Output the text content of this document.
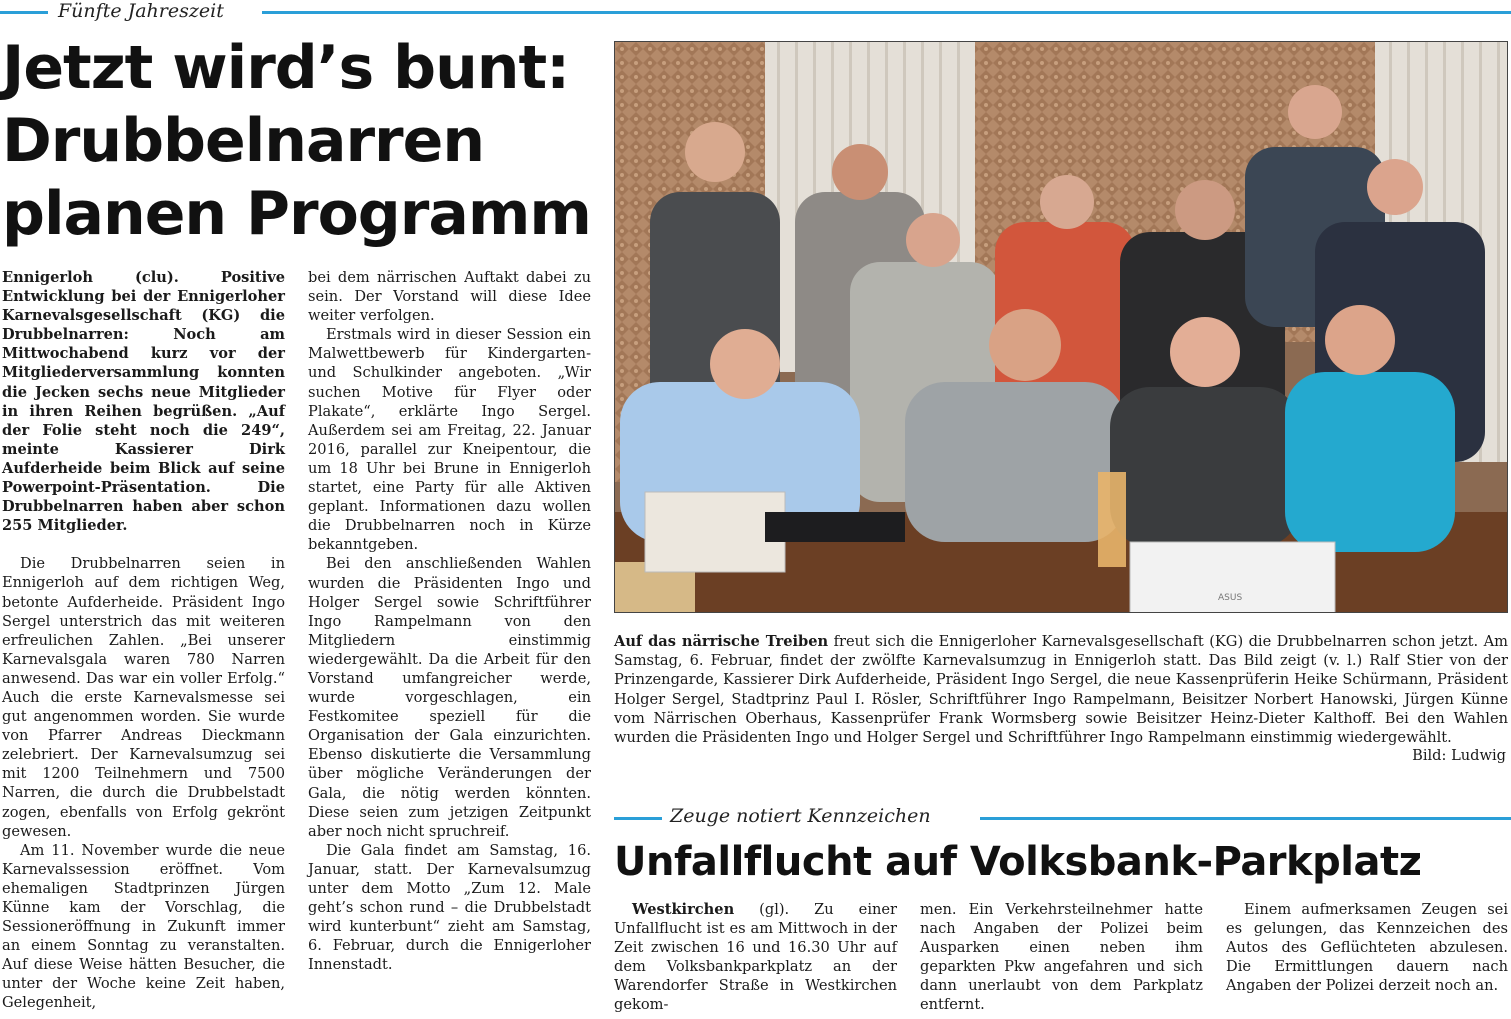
Fünfte Jahreszeit
Jetzt wird’s bunt:
Drubbelnarren
planen Programm

Ennigerloh (clu). Positive Entwicklung bei der Ennigerloher Karnevalsgesellschaft (KG) die Drubbelnarren: Noch am Mittwochabend kurz vor der Mitgliederversammlung konnten die Jecken sechs neue Mitglieder in ihren Reihen begrüßen. „Auf der Folie steht noch die 249“, meinte Kassierer Dirk Aufderheide beim Blick auf seine Powerpoint-Präsentation. Die Drubbelnarren haben aber schon 255 Mitglieder.

Die Drubbelnarren seien in Ennigerloh auf dem richtigen Weg, betonte Aufderheide. Präsident Ingo Sergel unterstrich das mit weiteren erfreulichen Zahlen. „Bei unserer Karnevalsgala waren 780 Narren anwesend. Das war ein voller Erfolg.“ Auch die erste Karnevalsmesse sei gut angenommen worden. Sie wurde von Pfarrer Andreas Dieckmann zelebriert. Der Karnevalsumzug sei mit 1200 Teilnehmern und 7500 Narren, die durch die Drubbelstadt zogen, ebenfalls von Erfolg gekrönt gewesen.

Am 11. November wurde die neue Karnevalssession eröffnet. Vom ehemaligen Stadtprinzen Jürgen Künne kam der Vorschlag, die Sessioneröffnung in Zukunft immer an einem Sonntag zu veranstalten. Auf diese Weise hätten Besucher, die unter der Woche keine Zeit haben, Gelegenheit,

bei dem närrischen Auftakt dabei zu sein. Der Vorstand will diese Idee weiter verfolgen.

Erstmals wird in dieser Session ein Malwettbewerb für Kindergarten- und Schulkinder angeboten. „Wir suchen Motive für Flyer oder Plakate“, erklärte Ingo Sergel. Außerdem sei am Freitag, 22. Januar 2016, parallel zur Kneipentour, die um 18 Uhr bei Brune in Ennigerloh startet, eine Party für alle Aktiven geplant. Informationen dazu wollen die Drubbelnarren noch in Kürze bekanntgeben.

Bei den anschließenden Wahlen wurden die Präsidenten Ingo und Holger Sergel sowie Schriftführer Ingo Rampelmann von den Mitgliedern einstimmig wiedergewählt. Da die Arbeit für den Vorstand umfangreicher werde, wurde vorgeschlagen, ein Festkomitee speziell für die Organisation der Gala einzurichten. Ebenso diskutierte die Versammlung über mögliche Veränderungen der Gala, die nötig werden könnten. Diese seien zum jetzigen Zeitpunkt aber noch nicht spruchreif.

Die Gala findet am Samstag, 16. Januar, statt. Der Karnevalsumzug unter dem Motto „Zum 12. Male geht’s schon rund – die Drubbelstadt wird kunterbunt“ zieht am Samstag, 6. Februar, durch die Ennigerloher Innenstadt.

ASUS
Auf das närrische Treiben freut sich die Ennigerloher Karnevalsgesellschaft (KG) die Drubbelnarren schon jetzt. Am Samstag, 6. Februar, findet der zwölfte Karnevalsumzug in Ennigerloh statt. Das Bild zeigt (v. l.) Ralf Stier von der Prinzengarde, Kassierer Dirk Aufderheide, Präsident Ingo Sergel, die neue Kassenprüferin Heike Schürmann, Präsident Holger Sergel, Stadtprinz Paul I. Rösler, Schriftführer Ingo Rampelmann, Beisitzer Norbert Hanowski, Jürgen Künne vom Närrischen Oberhaus, Kassenprüfer Frank Wormsberg sowie Beisitzer Heinz-Dieter Kalthoff. Bei den Wahlen wurden die Präsidenten Ingo und Holger Sergel und Schriftführer Ingo Rampelmann einstimmig wiedergewählt.
Bild: Ludwig
Zeuge notiert Kennzeichen
Unfallflucht auf Volksbank-Parkplatz

Westkirchen (gl). Zu einer Unfallflucht ist es am Mittwoch in der Zeit zwischen 16 und 16.30 Uhr auf dem Volksbankparkplatz an der Warendorfer Straße in Westkirchen gekom-

men. Ein Verkehrsteilnehmer hatte nach Angaben der Polizei beim Ausparken einen neben ihm geparkten Pkw angefahren und sich dann unerlaubt von dem Parkplatz entfernt.

Einem aufmerksamen Zeugen sei es gelungen, das Kennzeichen des Autos des Geflüchteten abzulesen. Die Ermittlungen dauern nach Angaben der Polizei derzeit noch an.
